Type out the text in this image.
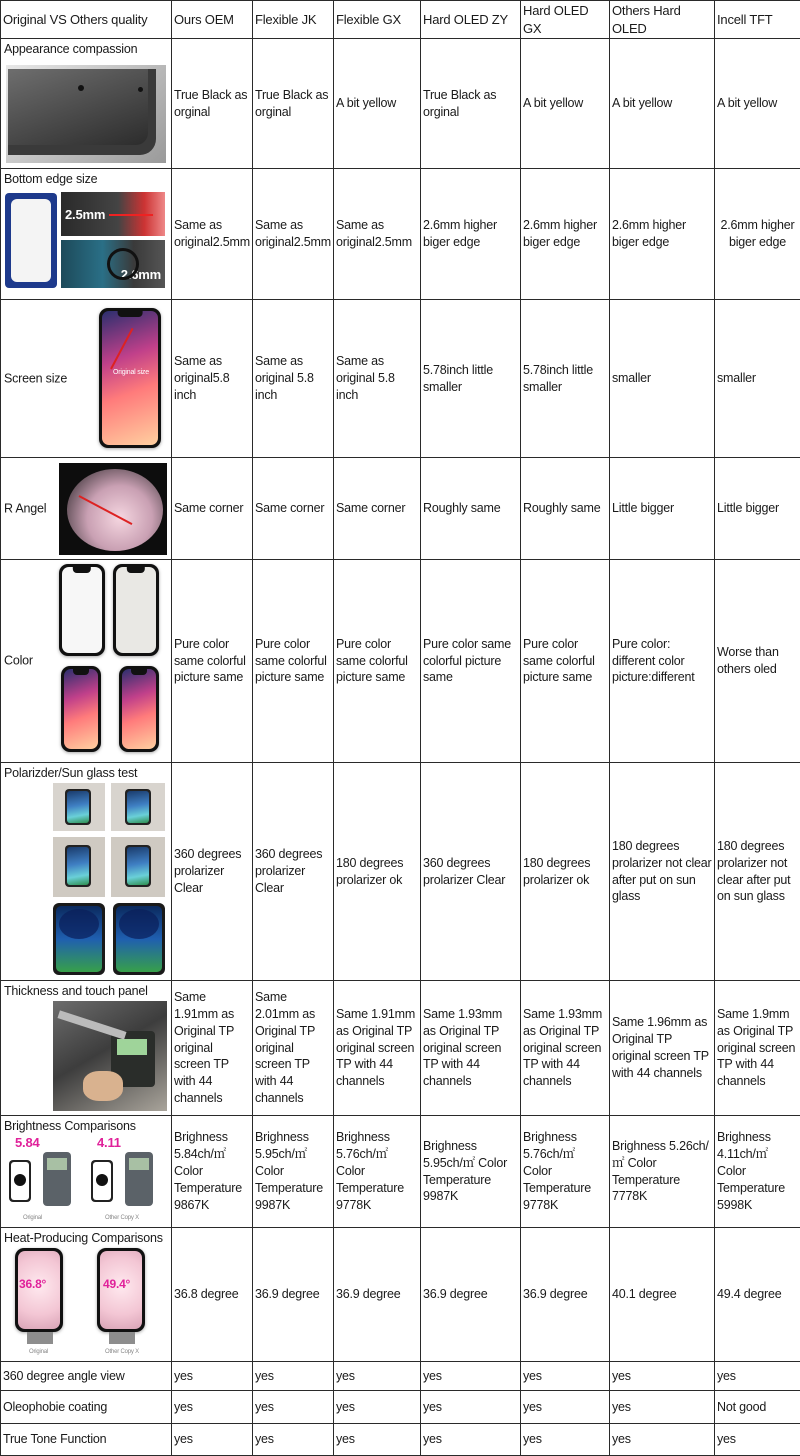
Original VS Others quality	Ours OEM	Flexible JK	Flexible GX	Hard OLED ZY	Hard OLED GX	Others Hard OLED	Incell TFT

Appearance compassion	True Black as orginal	True Black as orginal	A bit yellow	True Black as orginal	A bit yellow	A bit yellow	A bit yellow

Bottom edge size
2.5mm
2.6mm	Same as original2.5mm	Same as original2.5mm	Same as original2.5mm	2.6mm higher biger edge	2.6mm higher biger edge	2.6mm higher biger edge	2.6mm higher biger edge

Screen size Original size	Same as original5.8 inch	Same as original 5.8 inch	Same as original 5.8 inch	5.78inch little smaller	5.78inch little smaller	smaller	smaller

R Angel	Same corner	Same corner	Same corner	Roughly same	Roughly same	Little bigger	Little bigger

Color	Pure color same colorful picture same	Pure color same colorful picture same	Pure color same colorful picture same	Pure color same colorful picture same	Pure color same colorful picture same	Pure color: different color picture:different	Worse than others oled

Polarizder/Sun glass test	360 degrees prolarizer Clear	360 degrees prolarizer Clear	180 degrees prolarizer ok	360 degrees prolarizer Clear	180 degrees prolarizer ok	180 degrees prolarizer not clear after put on sun glass	180 degrees prolarizer not clear after put on sun glass

Thickness and touch panel	Same 1.91mm as Original TP original screen TP with 44 channels	Same 2.01mm as Original TP original screen TP with 44 channels	Same 1.91mm as Original TP original screen TP with 44 channels	Same 1.93mm as Original TP original screen TP with 44 channels	Same 1.93mm as Original TP original screen TP with 44 channels	Same 1.96mm as Original TP original screen TP with 44 channels	Same 1.9mm as Original TP original screen TP with 44 channels

Brightness Comparisons
5.84 4.11
Original Other Copy X	Brighness 5.84ch/㎡ Color Temperature 9867K	Brighness 5.95ch/㎡ Color Temperature 9987K	Brighness 5.76ch/㎡ Color Temperature 9778K	Brighness 5.95ch/㎡ Color Temperature 9987K	Brighness 5.76ch/㎡ Color Temperature 9778K	Brighness 5.26ch/㎡ Color Temperature 7778K	Brighness 4.11ch/㎡ Color Temperature 5998K

Heat-Producing Comparisons
36.8° 49.4°
Original Other Copy X	36.8 degree	36.9 degree	36.9 degree	36.9 degree	36.9 degree	40.1 degree	49.4 degree
360 degree angle view	yes	yes	yes	yes	yes	yes	yes
Oleophobie coating	yes	yes	yes	yes	yes	yes	Not good
True Tone Function	yes	yes	yes	yes	yes	yes	yes
